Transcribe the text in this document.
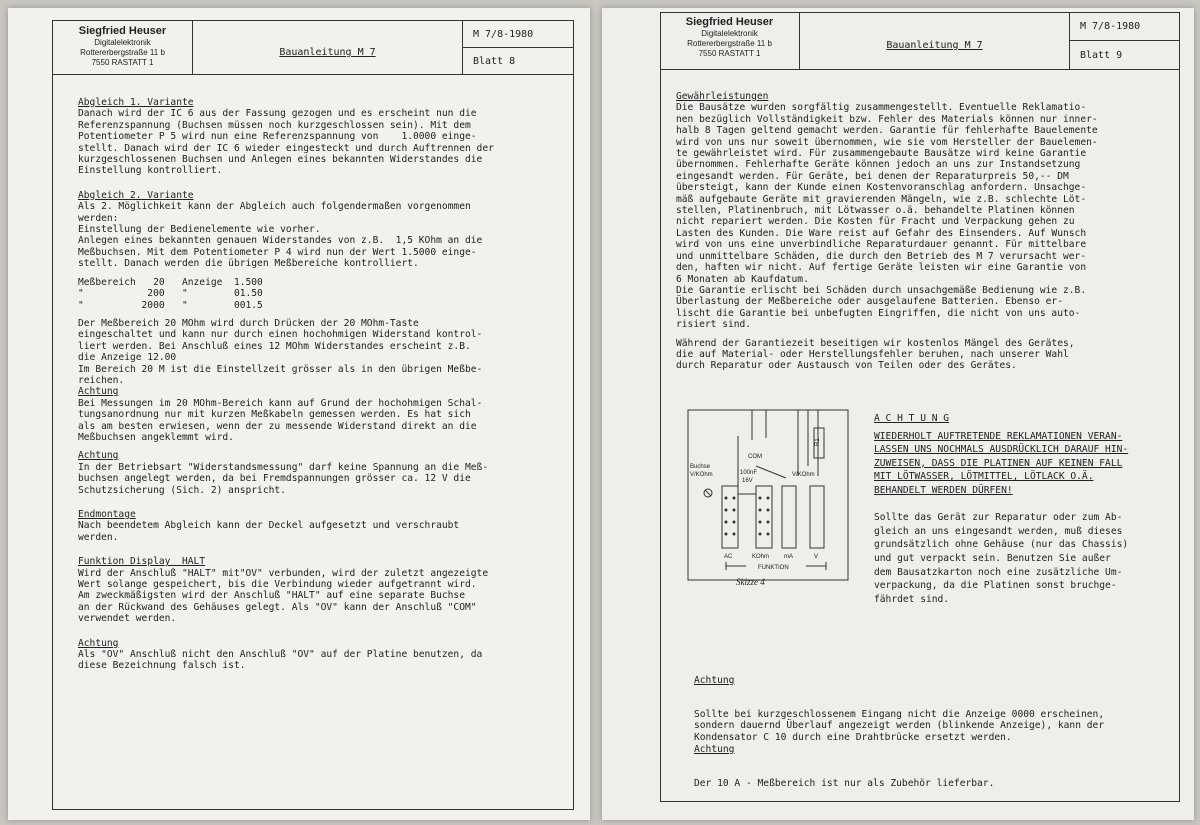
Siegfried Heuser
Digitalelektronik
Rottererbergstraße 11 b
7550 RASTATT 1
Bauanleitung M 7
M 7/8-1980
Blatt 8
Abgleich 1. Variante

Danach wird der IC 6 aus der Fassung gezogen und es erscheint nun die

Referenzspannung (Buchsen müssen noch kurzgeschlossen sein). Mit dem

Potentiometer P 5 wird nun eine Referenzspannung von    1.0000 einge-

stellt. Danach wird der IC 6 wieder eingesteckt und durch Auftrennen der

kurzgeschlossenen Buchsen und Anlegen eines bekannten Widerstandes die

Einstellung kontrolliert.

Abgleich 2. Variante

Als 2. Möglichkeit kann der Abgleich auch folgendermaßen vorgenommen

werden:

Einstellung der Bedienelemente wie vorher.

Anlegen eines bekannten genauen Widerstandes von z.B.  1,5 KOhm an die

Meßbuchsen. Mit dem Potentiometer P 4 wird nun der Wert 1.5000 einge-

stellt. Danach werden die übrigen Meßbereiche kontrolliert.

Meßbereich   20   Anzeige  1.500

"           200   "        01.50

"          2000   "        001.5

Der Meßbereich 20 MOhm wird durch Drücken der 20 MOhm-Taste

eingeschaltet und kann nur durch einen hochohmigen Widerstand kontrol-

liert werden. Bei Anschluß eines 12 MOhm Widerstandes erscheint z.B.

die Anzeige 12.00

Im Bereich 20 M ist die Einstellzeit grösser als in den übrigen Meßbe-

reichen.

Achtung

Bei Messungen im 20 MOhm-Bereich kann auf Grund der hochohmigen Schal-

tungsanordnung nur mit kurzen Meßkabeln gemessen werden. Es hat sich

als am besten erwiesen, wenn der zu messende Widerstand direkt an die

Meßbuchsen angeklemmt wird.

Achtung

In der Betriebsart "Widerstandsmessung" darf keine Spannung an die Meß-

buchsen angelegt werden, da bei Fremdspannungen grösser ca. 12 V die

Schutzsicherung (Sich. 2) anspricht.

Endmontage

Nach beendetem Abgleich kann der Deckel aufgesetzt und verschraubt

werden.

Funktion Display  HALT

Wird der Anschluß "HALT" mit"OV" verbunden, wird der zuletzt angezeigte

Wert solange gespeichert, bis die Verbindung wieder aufgetrannt wird.

Am zweckmäßigsten wird der Anschluß "HALT" auf eine separate Buchse

an der Rückwand des Gehäuses gelegt. Als "OV" kann der Anschluß "COM"

verwendet werden.

Achtung

Als "OV" Anschluß nicht den Anschluß "OV" auf der Platine benutzen, da

diese Bezeichnung falsch ist.

Siegfried Heuser
Digitalelektronik
Rottererbergstraße 11 b
7550 RASTATT 1
Bauanleitung M 7
M 7/8-1980
Blatt 9
Gewährleistungen

Die Bausätze wurden sorgfältig zusammengestellt. Eventuelle Reklamatio-

nen bezüglich Vollständigkeit bzw. Fehler des Materials können nur inner-

halb 8 Tagen geltend gemacht werden. Garantie für fehlerhafte Bauelemente

wird von uns nur soweit übernommen, wie sie vom Hersteller der Bauelemen-

te gewährleistet wird. Für zusammengebaute Bausätze wird keine Garantie

übernommen. Fehlerhafte Geräte können jedoch an uns zur Instandsetzung

eingesandt werden. Für Geräte, bei denen der Reparaturpreis 50,-- DM

übersteigt, kann der Kunde einen Kostenvoranschlag anfordern. Unsachge-

mäß aufgebaute Geräte mit gravierenden Mängeln, wie z.B. schlechte Löt-

stellen, Platinenbruch, mit Lötwasser o.ä. behandelte Platinen können

nicht repariert werden. Die Kosten für Fracht und Verpackung gehen zu

Lasten des Kunden. Die Ware reist auf Gefahr des Einsenders. Auf Wunsch

wird von uns eine unverbindliche Reparaturdauer genannt. Für mittelbare

und unmittelbare Schäden, die durch den Betrieb des M 7 verursacht wer-

den, haften wir nicht. Auf fertige Geräte leisten wir eine Garantie von

6 Monaten ab Kaufdatum.

Die Garantie erlischt bei Schäden durch unsachgemäße Bedienung wie z.B.

Überlastung der Meßbereiche oder ausgelaufene Batterien. Ebenso er-

lischt die Garantie bei unbefugten Eingriffen, die nicht von uns auto-

risiert sind.

Während der Garantiezeit beseitigen wir kostenlos Mängel des Gerätes,

die auf Material- oder Herstellungsfehler beruhen, nach unserer Wahl

durch Reparatur oder Austausch von Teilen oder des Gerätes.

Buchse
V/KOhm
COM
100nF
16V
R1
V/KOhm
AC	KOhm mA	V
FUNKTION
Skizze 4
A C H T U N G
WIEDERHOLT AUFTRETENDE REKLAMATIONEN VERAN-
LASSEN UNS NOCHMALS AUSDRÜCKLICH DARAUF HIN-
ZUWEISEN, DASS DIE PLATINEN AUF KEINEN FALL
MIT LÖTWASSER, LÖTMITTEL, LÖTLACK O.Ä.
BEHANDELT WERDEN DÜRFEN!

Sollte das Gerät zur Reparatur oder zum Ab-
gleich an uns eingesandt werden, muß dieses
grundsätzlich ohne Gehäuse (nur das Chassis)
und gut verpackt sein. Benutzen Sie außer
dem Bausatzkarton noch eine zusätzliche Um-
verpackung, da die Platinen sonst bruchge-
fährdet sind.

Achtung

Sollte bei kurzgeschlossenem Eingang nicht die Anzeige 0000 erscheinen,
sondern dauernd Überlauf angezeigt werden (blinkende Anzeige), kann der
Kondensator C 10 durch eine Drahtbrücke ersetzt werden.

Achtung

Der 10 A - Meßbereich ist nur als Zubehör lieferbar.
